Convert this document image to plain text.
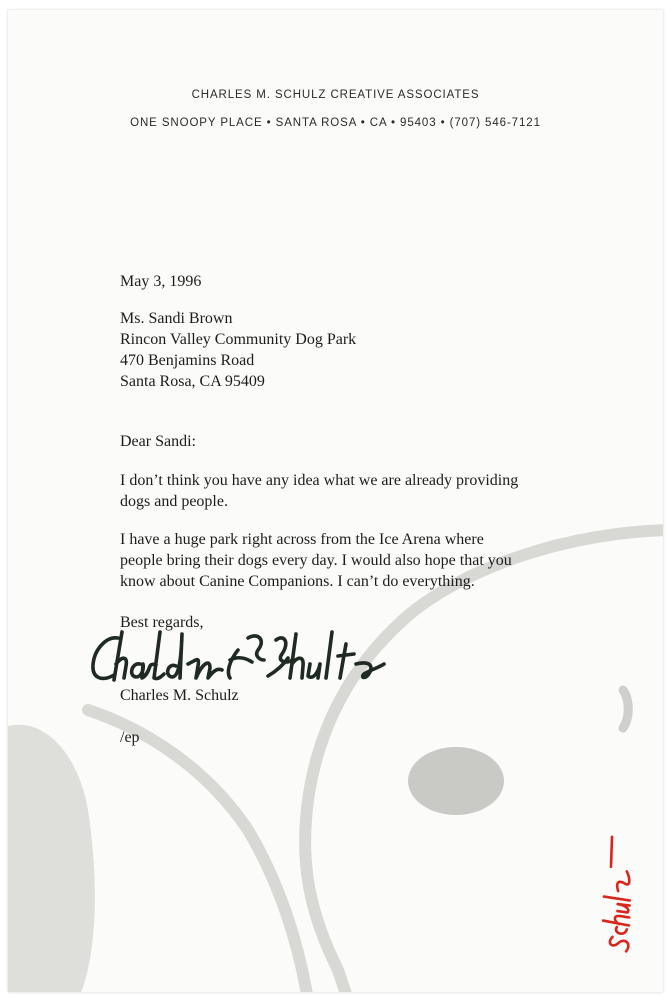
CHARLES M. SCHULZ CREATIVE ASSOCIATES
ONE SNOOPY PLACE • SANTA ROSA • CA • 95403 • (707) 546-7121
May 3, 1996
Ms. Sandi Brown
Rincon Valley Community Dog Park
470 Benjamins Road
Santa Rosa, CA 95409
Dear Sandi:
I don’t think you have any idea what we are already providing
dogs and people.
I have a huge park right across from the Ice Arena where
people bring their dogs every day. I would also hope that you
know about Canine Companions. I can’t do everything.
Best regards,
Charles M. Schulz
/ep
